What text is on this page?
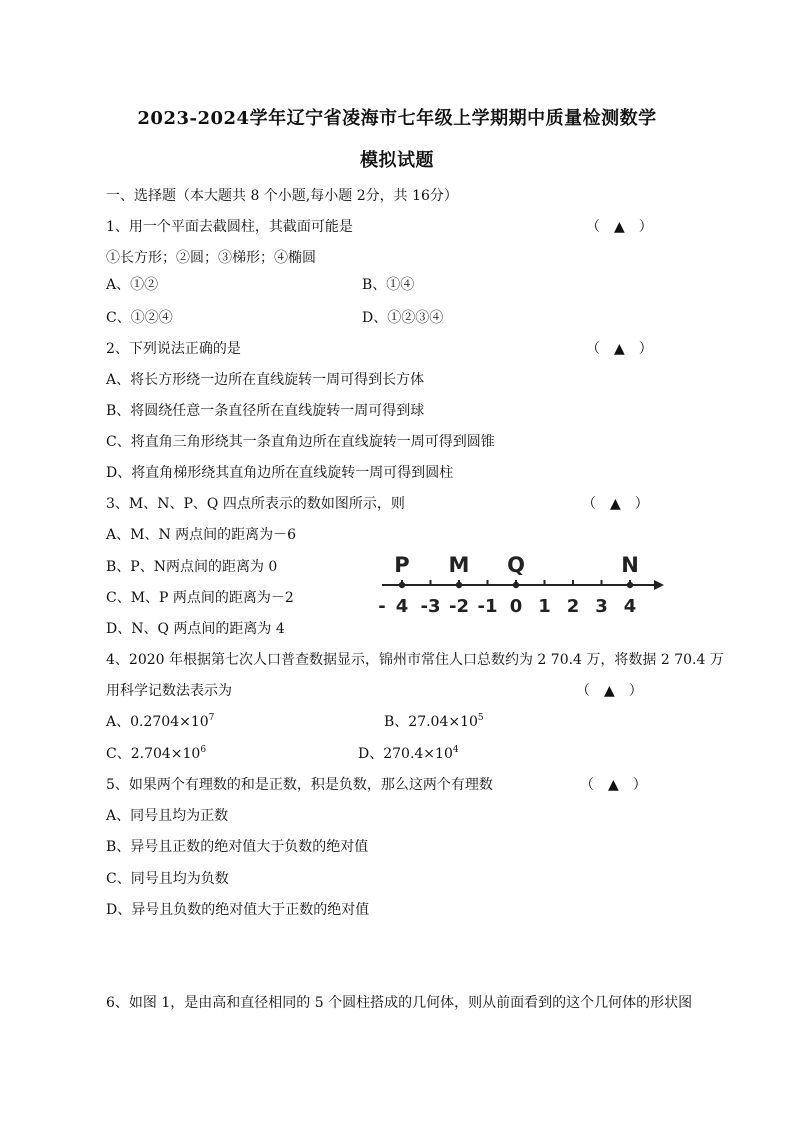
2023-2024学年辽宁省凌海市七年级上学期期中质量检测数学
模拟试题
一、选择题（本大题共 8 个小题,每小题 2分，共 16分）
1、用一个平面去截圆柱，其截面可能是	（　▲　）
①长方形；②圆；③梯形；④椭圆
A、①②	B、①④
C、①②④	D、①②③④
2、下列说法正确的是	（　▲　）
A、将长方形绕一边所在直线旋转一周可得到长方体
B、将圆绕任意一条直径所在直线旋转一周可得到球
C、将直角三角形绕其一条直角边所在直线旋转一周可得到圆锥
D、将直角梯形绕其直角边所在直线旋转一周可得到圆柱
3、M、N、P、Q 四点所表示的数如图所示，则	（　▲　）
A、M、N 两点间的距离为－6
B、P、N两点间的距离为 0
C、M、P 两点间的距离为－2
D、N、Q 两点间的距离为 4
- 4 -3 -2 -1 0 1 2 3 4
P M Q	N
4、2020 年根据第七次人口普查数据显示，锦州市常住人口总数约为 2 70.4 万，将数据 2 70.4 万
用科学记数法表示为	（　▲　）
A、$0.2704\times 10^7$	B、$27.04\times 10^5$
C、$2.704\times 10^6$	D、$270.4\times 10^4$
5、如果两个有理数的和是正数，积是负数，那么这两个有理数	（　▲　）
A、同号且均为正数
B、异号且正数的绝对值大于负数的绝对值
C、同号且均为负数
D、异号且负数的绝对值大于正数的绝对值
6、如图 1，是由高和直径相同的 5 个圆柱搭成的几何体，则从前面看到的这个几何体的形状图
